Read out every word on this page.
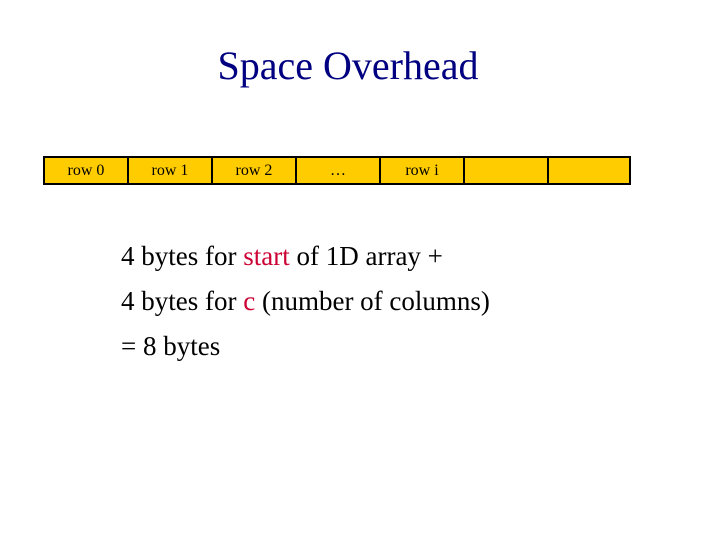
Space Overhead
row 0	row 1	row 2	…	row i
4 bytes for start of 1D array +
4 bytes for c (number of columns)
= 8 bytes
